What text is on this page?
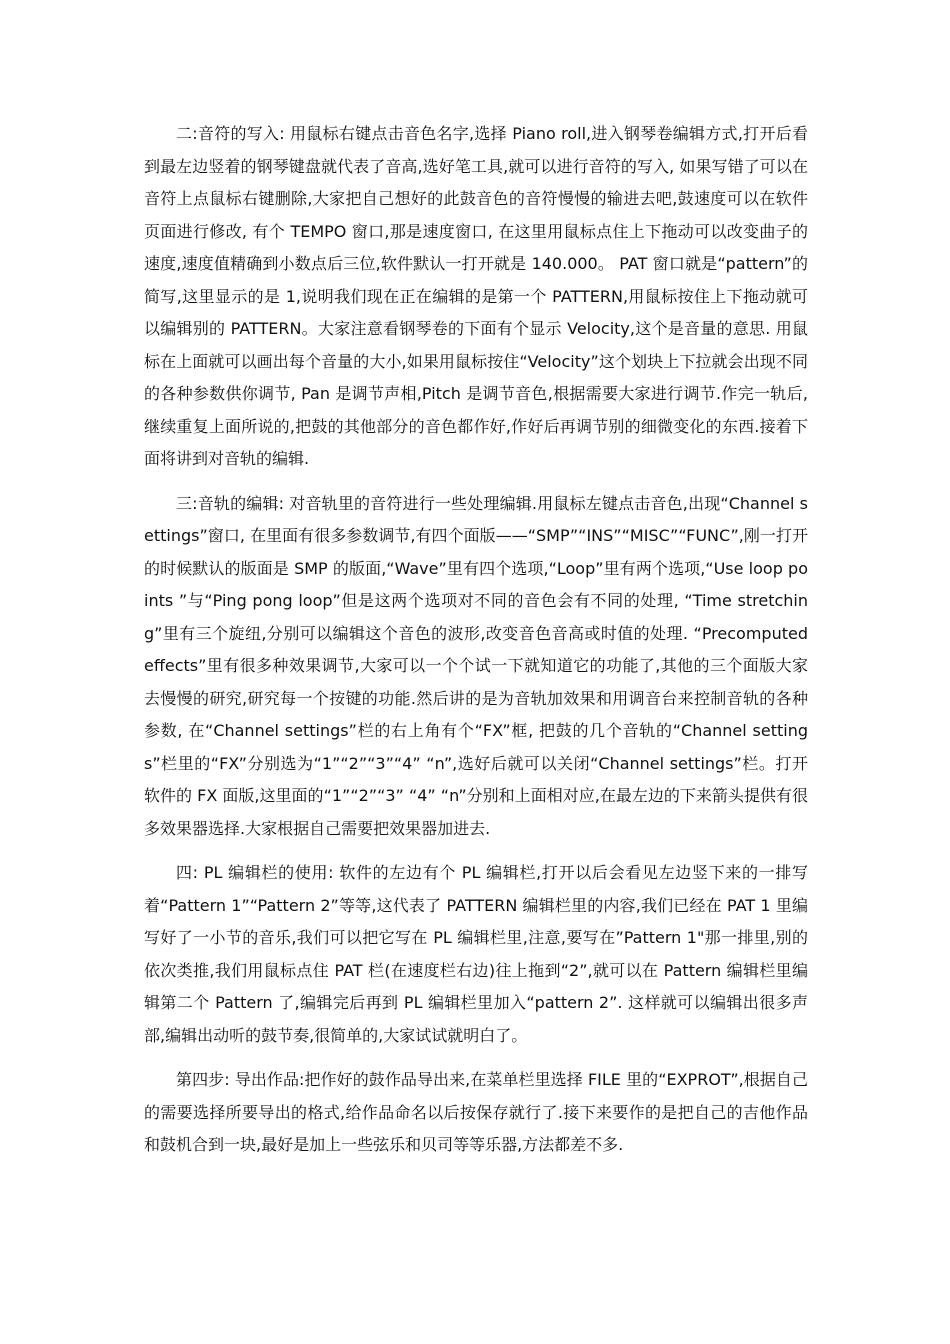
二:音符的写入: 用鼠标右键点击音色名字,选择 Piano roll,进入钢琴卷编辑方式,打开后看到最左边竖着的钢琴键盘就代表了音高,选好笔工具,就可以进行音符的写入, 如果写错了可以在音符上点鼠标右键删除,大家把自己想好的此鼓音色的音符慢慢的输进去吧,鼓速度可以在软件页面进行修改, 有个 TEMPO 窗口,那是速度窗口, 在这里用鼠标点住上下拖动可以改变曲子的速度,速度值精确到小数点后三位,软件默认一打开就是 140.000。 PAT 窗口就是“pattern”的简写,这里显示的是 1,说明我们现在正在编辑的是第一个 PATTERN,用鼠标按住上下拖动就可以编辑别的 PATTERN。大家注意看钢琴卷的下面有个显示 Velocity,这个是音量的意思. 用鼠标在上面就可以画出每个音量的大小,如果用鼠标按住“Velocity”这个划块上下拉就会出现不同的各种参数供你调节, Pan 是调节声相,Pitch 是调节音色,根据需要大家进行调节.作完一轨后,继续重复上面所说的,把鼓的其他部分的音色都作好,作好后再调节别的细微变化的东西.接着下面将讲到对音轨的编辑.

三:音轨的编辑: 对音轨里的音符进行一些处理编辑.用鼠标左键点击音色,出现“Channel settings”窗口, 在里面有很多参数调节,有四个面版——“SMP”“INS”“MISC”“FUNC”,刚一打开的时候默认的版面是 SMP 的版面,“Wave”里有四个选项,“Loop”里有两个选项,“Use loop points ”与“Ping pong loop”但是这两个选项对不同的音色会有不同的处理, “Time stretching”里有三个旋纽,分别可以编辑这个音色的波形,改变音色音高或时值的处理. “Precomputed effects”里有很多种效果调节,大家可以一个个试一下就知道它的功能了,其他的三个面版大家去慢慢的研究,研究每一个按键的功能.然后讲的是为音轨加效果和用调音台来控制音轨的各种参数, 在“Channel settings”栏的右上角有个“FX”框, 把鼓的几个音轨的“Channel settings”栏里的“FX”分别选为“1”“2”“3”“4” “n”,选好后就可以关闭“Channel settings”栏。打开软件的 FX 面版,这里面的“1”“2”“3” “4” “n”分别和上面相对应,在最左边的下来箭头提供有很多效果器选择.大家根据自己需要把效果器加进去.

四: PL 编辑栏的使用: 软件的左边有个 PL 编辑栏,打开以后会看见左边竖下来的一排写着“Pattern 1”“Pattern 2”等等,这代表了 PATTERN 编辑栏里的内容,我们已经在 PAT 1 里编写好了一小节的音乐,我们可以把它写在 PL 编辑栏里,注意,要写在”Pattern 1"那一排里,别的依次类推,我们用鼠标点住 PAT 栏(在速度栏右边)往上拖到“2”,就可以在 Pattern 编辑栏里编辑第二个 Pattern 了,编辑完后再到 PL 编辑栏里加入“pattern 2”. 这样就可以编辑出很多声部,编辑出动听的鼓节奏,很简单的,大家试试就明白了。

第四步: 导出作品:把作好的鼓作品导出来,在菜单栏里选择 FILE 里的“EXPROT”,根据自己的需要选择所要导出的格式,给作品命名以后按保存就行了.接下来要作的是把自己的吉他作品和鼓机合到一块,最好是加上一些弦乐和贝司等等乐器,方法都差不多.
